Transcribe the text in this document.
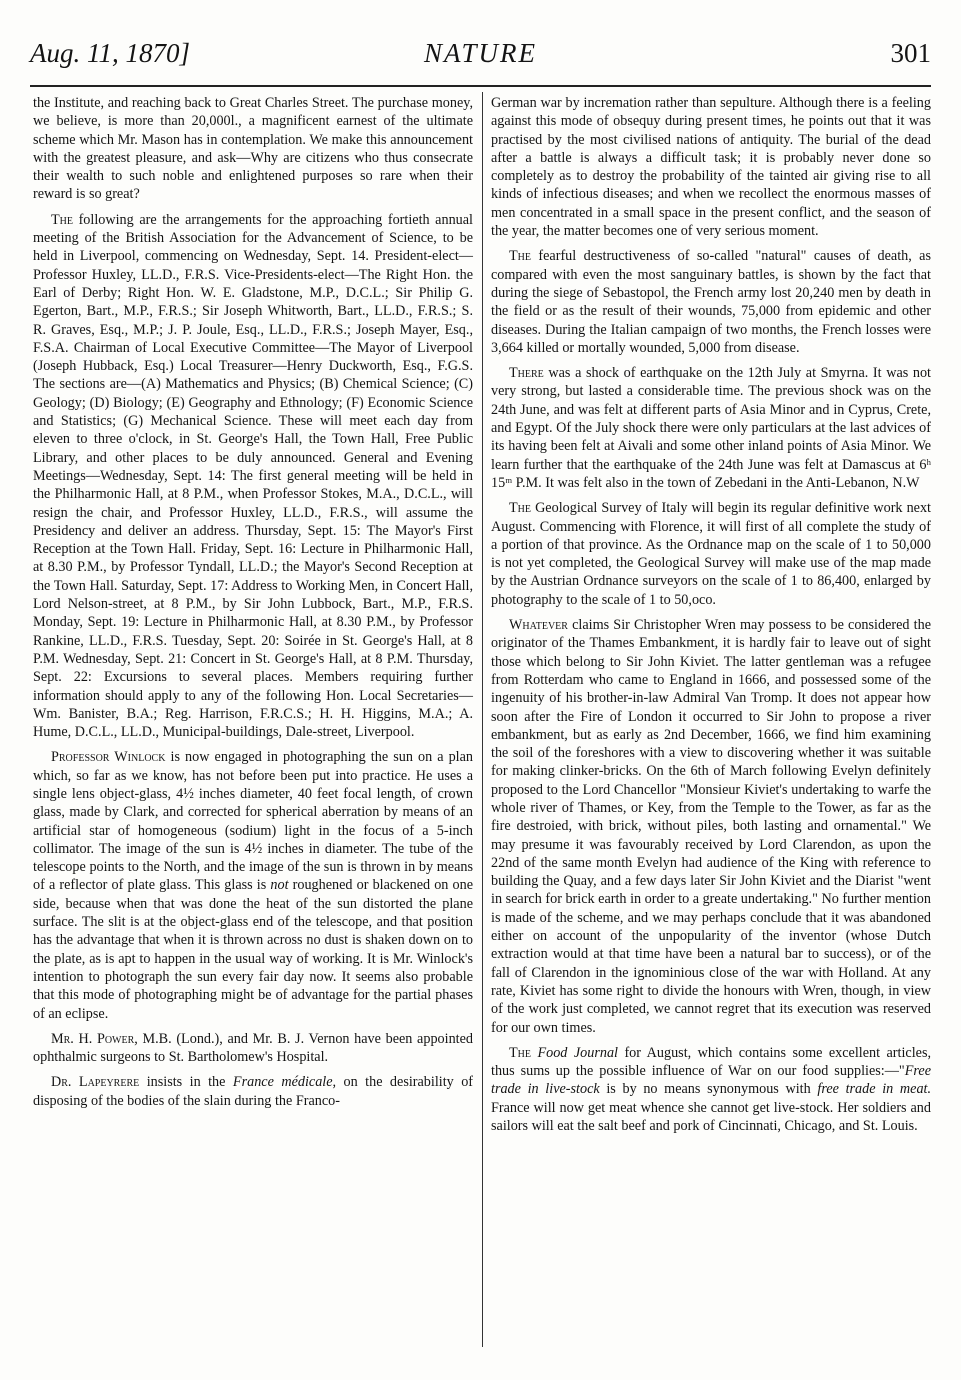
Aug. 11, 1870]	NATURE	301

the Institute, and reaching back to Great Charles Street. The purchase money, we believe, is more than 20,000l., a magnificent earnest of the ultimate scheme which Mr. Mason has in contemplation. We make this announcement with the greatest pleasure, and ask—Why are citizens who thus consecrate their wealth to such noble and enlightened purposes so rare when their reward is so great?

The following are the arrangements for the approaching fortieth annual meeting of the British Association for the Advancement of Science, to be held in Liverpool, commencing on Wednesday, Sept. 14. President-elect—Professor Huxley, LL.D., F.R.S. Vice-Presidents-elect—The Right Hon. the Earl of Derby; Right Hon. W. E. Gladstone, M.P., D.C.L.; Sir Philip G. Egerton, Bart., M.P., F.R.S.; Sir Joseph Whitworth, Bart., LL.D., F.R.S.; S. R. Graves, Esq., M.P.; J. P. Joule, Esq., LL.D., F.R.S.; Joseph Mayer, Esq., F.S.A. Chairman of Local Executive Committee—The Mayor of Liverpool (Joseph Hubback, Esq.) Local Treasurer—Henry Duckworth, Esq., F.G.S. The sections are—(A) Mathematics and Physics; (B) Chemical Science; (C) Geology; (D) Biology; (E) Geography and Ethnology; (F) Economic Science and Statistics; (G) Mechanical Science. These will meet each day from eleven to three o'clock, in St. George's Hall, the Town Hall, Free Public Library, and other places to be duly announced. General and Evening Meetings—Wednesday, Sept. 14: The first general meeting will be held in the Philharmonic Hall, at 8 P.M., when Professor Stokes, M.A., D.C.L., will resign the chair, and Professor Huxley, LL.D., F.R.S., will assume the Presidency and deliver an address. Thursday, Sept. 15: The Mayor's First Reception at the Town Hall. Friday, Sept. 16: Lecture in Philharmonic Hall, at 8.30 P.M., by Professor Tyndall, LL.D.; the Mayor's Second Reception at the Town Hall. Saturday, Sept. 17: Address to Working Men, in Concert Hall, Lord Nelson-street, at 8 P.M., by Sir John Lubbock, Bart., M.P., F.R.S. Monday, Sept. 19: Lecture in Philharmonic Hall, at 8.30 P.M., by Professor Rankine, LL.D., F.R.S. Tuesday, Sept. 20: Soirée in St. George's Hall, at 8 P.M. Wednesday, Sept. 21: Concert in St. George's Hall, at 8 P.M. Thursday, Sept. 22: Excursions to several places. Members requiring further information should apply to any of the following Hon. Local Secretaries—Wm. Banister, B.A.; Reg. Harrison, F.R.C.S.; H. H. Higgins, M.A.; A. Hume, D.C.L., LL.D., Municipal-buildings, Dale-street, Liverpool.

Professor Winlock is now engaged in photographing the sun on a plan which, so far as we know, has not before been put into practice. He uses a single lens object-glass, 4½ inches diameter, 40 feet focal length, of crown glass, made by Clark, and corrected for spherical aberration by means of an artificial star of homogeneous (sodium) light in the focus of a 5-inch collimator. The image of the sun is 4½ inches in diameter. The tube of the telescope points to the North, and the image of the sun is thrown in by means of a reflector of plate glass. This glass is not roughened or blackened on one side, because when that was done the heat of the sun distorted the plane surface. The slit is at the object-glass end of the telescope, and that position has the advantage that when it is thrown across no dust is shaken down on to the plate, as is apt to happen in the usual way of working. It is Mr. Winlock's intention to photograph the sun every fair day now. It seems also probable that this mode of photographing might be of advantage for the partial phases of an eclipse.

Mr. H. Power, M.B. (Lond.), and Mr. B. J. Vernon have been appointed ophthalmic surgeons to St. Bartholomew's Hospital.

Dr. Lapeyrere insists in the France médicale, on the desirability of disposing of the bodies of the slain during the Franco-

German war by incremation rather than sepulture. Although there is a feeling against this mode of obsequy during present times, he points out that it was practised by the most civilised nations of antiquity. The burial of the dead after a battle is always a difficult task; it is probably never done so completely as to destroy the probability of the tainted air giving rise to all kinds of infectious diseases; and when we recollect the enormous masses of men concentrated in a small space in the present conflict, and the season of the year, the matter becomes one of very serious moment.

The fearful destructiveness of so-called "natural" causes of death, as compared with even the most sanguinary battles, is shown by the fact that during the siege of Sebastopol, the French army lost 20,240 men by death in the field or as the result of their wounds, 75,000 from epidemic and other diseases. During the Italian campaign of two months, the French losses were 3,664 killed or mortally wounded, 5,000 from disease.

There was a shock of earthquake on the 12th July at Smyrna. It was not very strong, but lasted a considerable time. The previous shock was on the 24th June, and was felt at different parts of Asia Minor and in Cyprus, Crete, and Egypt. Of the July shock there were only particulars at the last advices of its having been felt at Aivali and some other inland points of Asia Minor. We learn further that the earthquake of the 24th June was felt at Damascus at 6ʰ 15ᵐ P.M. It was felt also in the town of Zebedani in the Anti-Lebanon, N.W

The Geological Survey of Italy will begin its regular definitive work next August. Commencing with Florence, it will first of all complete the study of a portion of that province. As the Ordnance map on the scale of 1 to 50,000 is not yet completed, the Geological Survey will make use of the map made by the Austrian Ordnance surveyors on the scale of 1 to 86,400, enlarged by photography to the scale of 1 to 50,oco.

Whatever claims Sir Christopher Wren may possess to be considered the originator of the Thames Embankment, it is hardly fair to leave out of sight those which belong to Sir John Kiviet. The latter gentleman was a refugee from Rotterdam who came to England in 1666, and possessed some of the ingenuity of his brother-in-law Admiral Van Tromp. It does not appear how soon after the Fire of London it occurred to Sir John to propose a river embankment, but as early as 2nd December, 1666, we find him examining the soil of the foreshores with a view to discovering whether it was suitable for making clinker-bricks. On the 6th of March following Evelyn definitely proposed to the Lord Chancellor "Monsieur Kiviet's undertaking to warfe the whole river of Thames, or Key, from the Temple to the Tower, as far as the fire destroied, with brick, without piles, both lasting and ornamental." We may presume it was favourably received by Lord Clarendon, as upon the 22nd of the same month Evelyn had audience of the King with reference to building the Quay, and a few days later Sir John Kiviet and the Diarist "went in search for brick earth in order to a greate undertaking." No further mention is made of the scheme, and we may perhaps conclude that it was abandoned either on account of the unpopularity of the inventor (whose Dutch extraction would at that time have been a natural bar to success), or of the fall of Clarendon in the ignominious close of the war with Holland. At any rate, Kiviet has some right to divide the honours with Wren, though, in view of the work just completed, we cannot regret that its execution was reserved for our own times.

The Food Journal for August, which contains some excellent articles, thus sums up the possible influence of War on our food supplies:—"Free trade in live-stock is by no means synonymous with free trade in meat. France will now get meat whence she cannot get live-stock. Her soldiers and sailors will eat the salt beef and pork of Cincinnati, Chicago, and St. Louis.
